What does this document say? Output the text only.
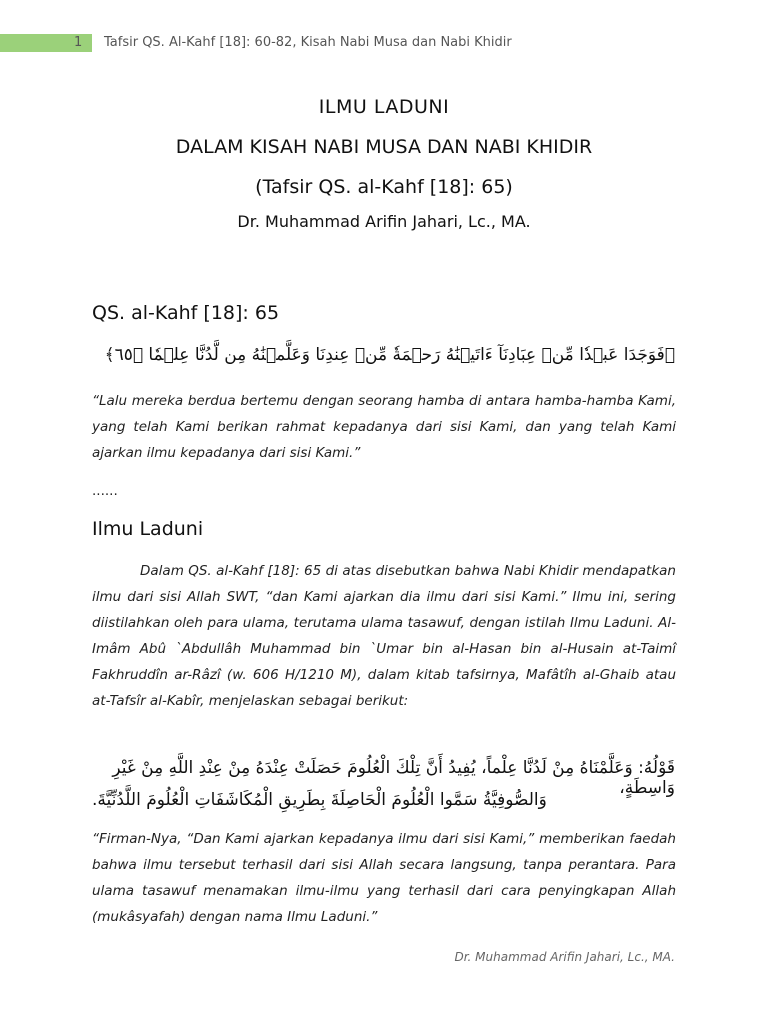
1 Tafsir QS. Al-Kahf [18]: 60-82, Kisah Nabi Musa dan Nabi Khidir
ILMU LADUNI
DALAM KISAH NABI MUSA DAN NABI KHIDIR
(Tafsir QS. al-Kahf [18]: 65)
Dr. Muhammad Arifin Jahari, Lc., MA.
QS. al-Kahf [18]: 65
﴿فَوَجَدَا عَبۡدٗا مِّنۡ عِبَادِنَآ ءَاتَيۡنَٰهُ رَحۡمَةٗ مِّنۡ عِندِنَا وَعَلَّمۡنَٰهُ مِن لَّدُنَّا عِلۡمٗا ﴿٦٥﴾
“Lalu mereka berdua bertemu dengan seorang hamba di antara hamba-hamba Kami, yang telah Kami berikan rahmat kepadanya dari sisi Kami, dan yang telah Kami ajarkan ilmu kepadanya dari sisi Kami.”
......
Ilmu Laduni
Dalam QS. al-Kahf [18]: 65 di atas disebutkan bahwa Nabi Khidir mendapatkan ilmu dari sisi Allah SWT, “dan Kami ajarkan dia ilmu dari sisi Kami.” Ilmu ini, sering diistilahkan oleh para ulama, terutama ulama tasawuf, dengan istilah Ilmu Laduni. Al-Imâm Abû `Abdullâh Muhammad bin `Umar bin al-Hasan bin al-Husain at-Taimî Fakhruddîn ar-Râzî (w. 606 H/1210 M), dalam kitab tafsirnya, Mafâtîh al-Ghaib atau at-Tafsîr al-Kabîr, menjelaskan sebagai berikut:
قَوْلُهُ: وَعَلَّمْنَاهُ مِنْ لَدُنَّا عِلْماً، يُفِيدُ أَنَّ تِلْكَ الْعُلُومَ حَصَلَتْ عِنْدَهُ مِنْ عِنْدِ اللَّهِ مِنْ غَيْرِ وَاسِطَةٍ،
وَالصُّوفِيَّةُ سَمَّوا الْعُلُومَ الْحَاصِلَةَ بِطَرِيقِ الْمُكَاشَفَاتِ الْعُلُومَ اللَّدُنِّيَّةَ.
“Firman-Nya, “Dan Kami ajarkan kepadanya ilmu dari sisi Kami,” memberikan faedah bahwa ilmu tersebut terhasil dari sisi Allah secara langsung, tanpa perantara. Para ulama tasawuf menamakan ilmu-ilmu yang terhasil dari cara penyingkapan Allah (mukâsyafah) dengan nama Ilmu Laduni.”
Dr. Muhammad Arifin Jahari, Lc., MA.
